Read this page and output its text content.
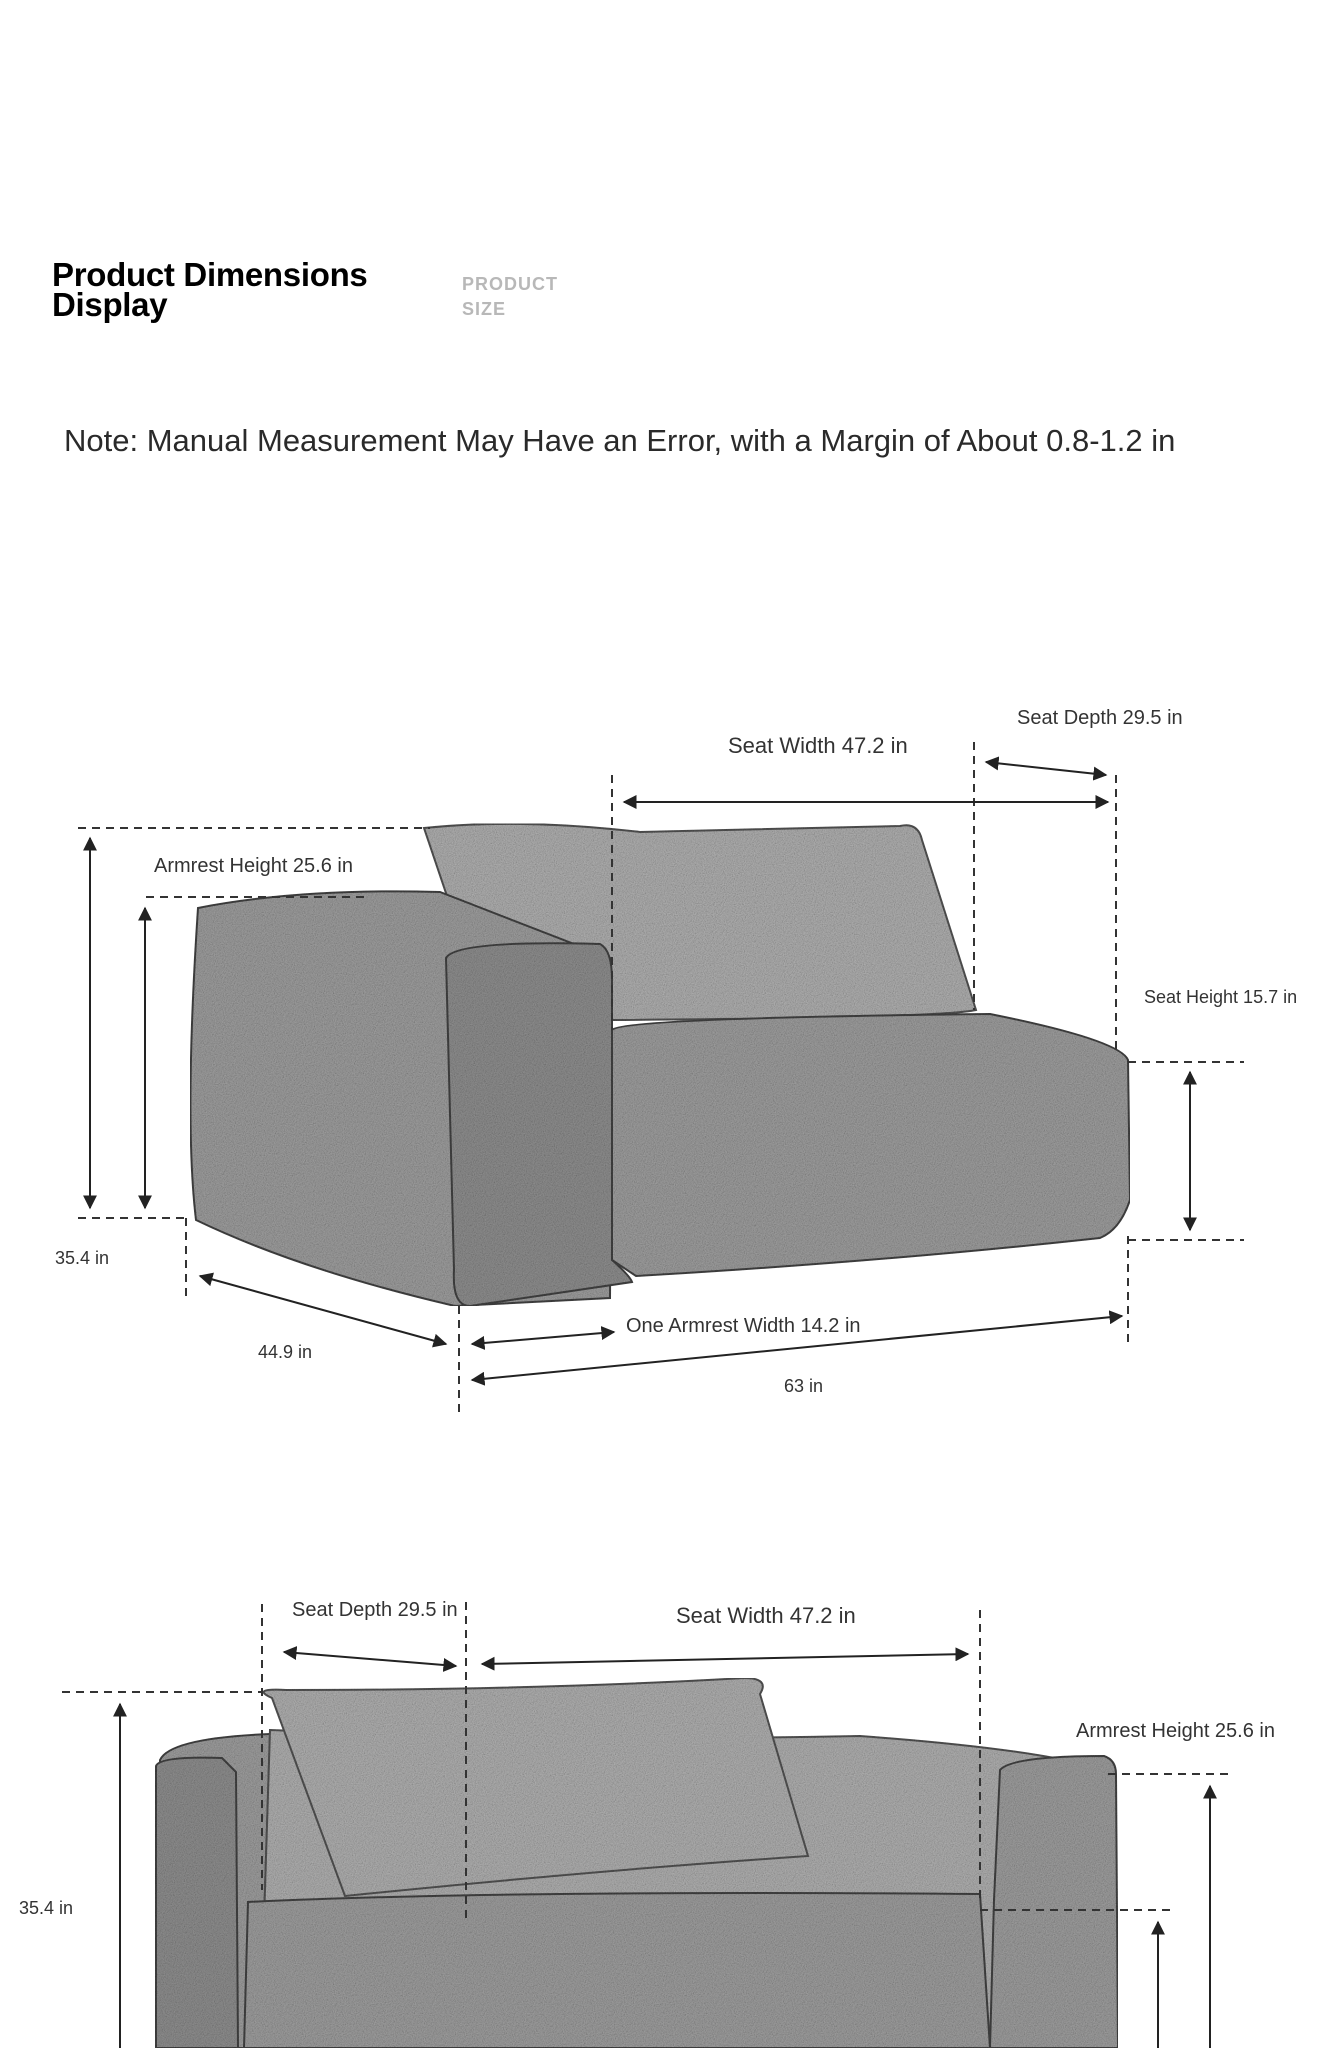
Product Dimensions Display
PRODUCT SIZE
Note: Manual Measurement May Have an Error, with a Margin of About 0.8-1.2 in
Seat Depth 29.5 in
Seat Width 47.2 in
Armrest Height 25.6 in
Seat Height 15.7 in
35.4 in
44.9 in
One Armrest Width 14.2 in
63 in
Seat Depth 29.5 in	Seat Width 47.2 in
Armrest Height 25.6 in
35.4 in
